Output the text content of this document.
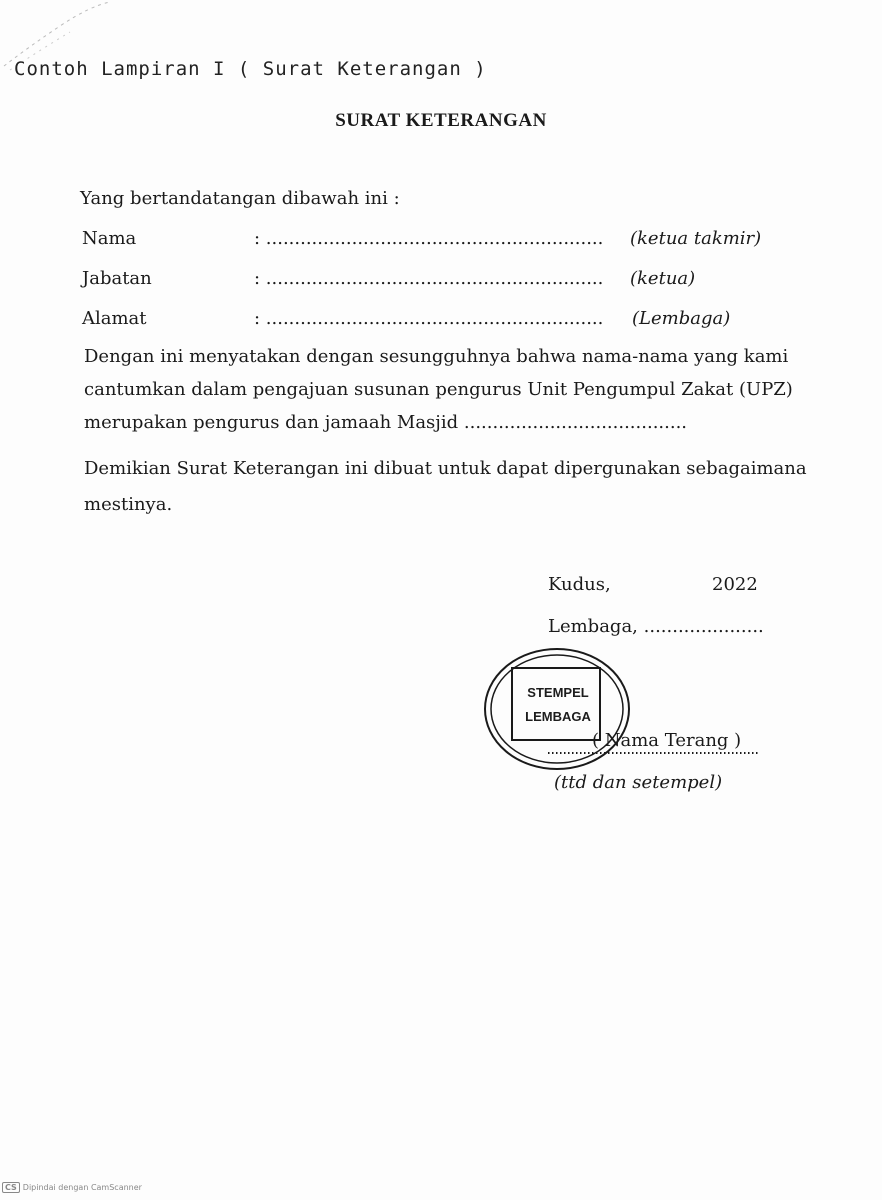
Contoh Lampiran I ( Surat Keterangan )
SURAT KETERANGAN
Yang bertandatangan dibawah ini :
Nama	: ........................................................... (ketua takmir)
Jabatan	: ........................................................... (ketua)
Alamat	: ........................................................... (Lembaga)
Dengan ini menyatakan dengan sesungguhnya bahwa nama-nama yang kami
cantumkan dalam pengajuan susunan pengurus Unit Pengumpul Zakat (UPZ)
merupakan pengurus dan jamaah Masjid .......................................
Demikian Surat Keterangan ini dibuat untuk dapat dipergunakan sebagaimana
mestinya.
Kudus,	2022
Lembaga, .....................
( Nama Terang )
STEMPEL
LEMBAGA
(ttd dan setempel)
CS Dipindai dengan CamScanner
